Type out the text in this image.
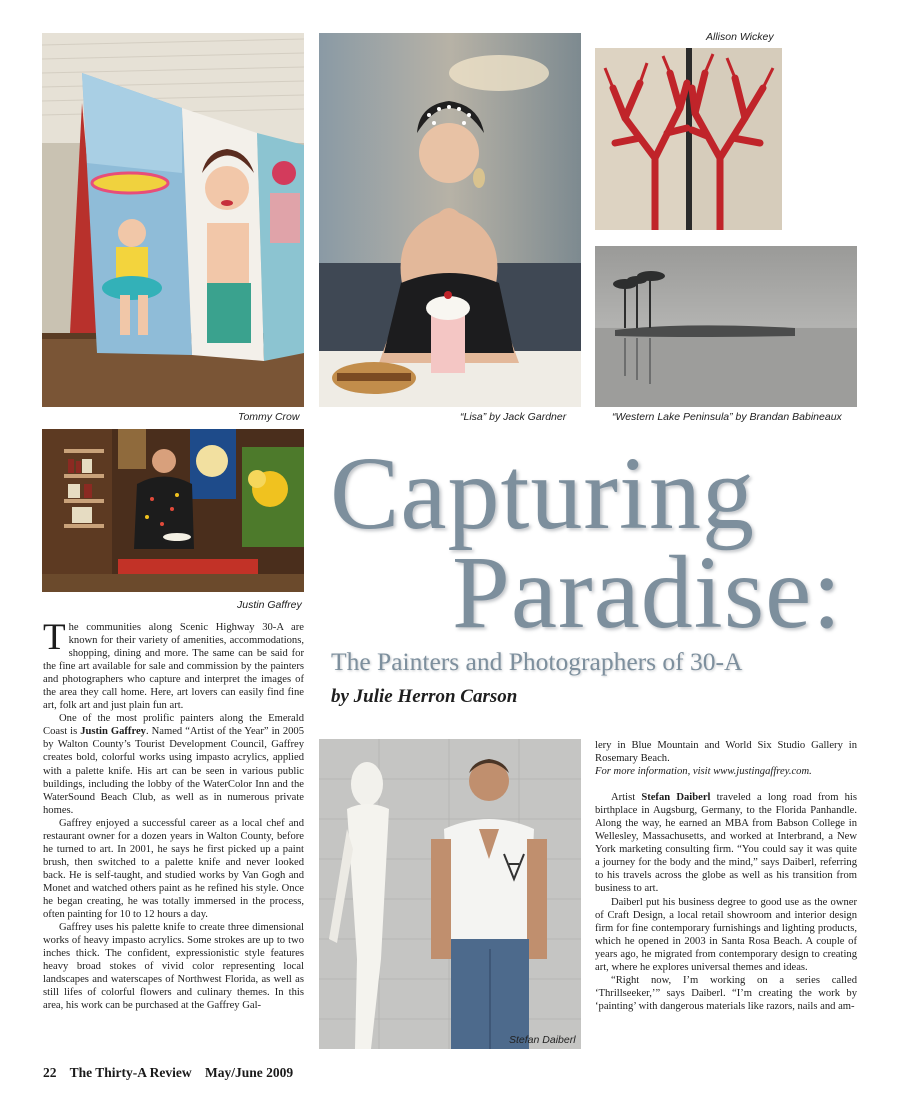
Allison Wickey
Tommy Crow	“Lisa” by Jack Gardner	“Western Lake Peninsula” by Brandan Babineaux
Justin Gaffrey
Stefan Daiberl
Capturing
Paradise:
The Painters and Photographers of 30-A
by Julie Herron Carson

The communities along Scenic Highway 30-A are known for their variety of amenities, accommodations, shopping, dining and more. The same can be said for the fine art available for sale and commission by the painters and photographers who capture and interpret the images of the area they call home. Here, art lovers can easily find fine art, folk art and just plain fun art.

One of the most prolific painters along the Emerald Coast is Justin Gaffrey. Named “Artist of the Year” in 2005 by Walton County’s Tourist Development Council, Gaffrey creates bold, colorful works using impasto acrylics, applied with a palette knife. His art can be seen in various public buildings, including the lobby of the WaterColor Inn and the WaterSound Beach Club, as well as in numerous private homes.

Gaffrey enjoyed a successful career as a local chef and restaurant owner for a dozen years in Walton County, before he turned to art. In 2001, he says he first picked up a paint brush, then switched to a palette knife and never looked back. He is self-taught, and studied works by Van Gogh and Monet and watched others paint as he refined his style. Once he began creating, he was totally immersed in the process, often painting for 10 to 12 hours a day.

Gaffrey uses his palette knife to create three dimensional works of heavy impasto acrylics. Some strokes are up to two inches thick. The confident, expressionistic style features heavy broad stokes of vivid color representing local landscapes and waterscapes of Northwest Florida, as well as still lifes of colorful flowers and culinary themes. In this area, his work can be purchased at the Gaffrey Gal-

lery in Blue Mountain and World Six Studio Gallery in Rosemary Beach.

For more information, visit www.justingaffrey.com.

Artist Stefan Daiberl traveled a long road from his birthplace in Augsburg, Germany, to the Florida Panhandle. Along the way, he earned an MBA from Babson College in Wellesley, Massachusetts, and worked at Interbrand, a New York marketing consulting firm. “You could say it was quite a journey for the body and the mind,” says Daiberl, referring to his travels across the globe as well as his transition from business to art.

Daiberl put his business degree to good use as the owner of Craft Design, a local retail showroom and interior design firm for fine contemporary furnishings and lighting products, which he opened in 2003 in Santa Rosa Beach. A couple of years ago, he migrated from contemporary design to creating art, where he explores universal themes and ideas.

“Right now, I’m working on a series called ‘Thrillseeker,’” says Daiberl. “I’m creating the work by ‘painting’ with dangerous materials like razors, nails and am-

22 The Thirty-A Review May/June 2009
